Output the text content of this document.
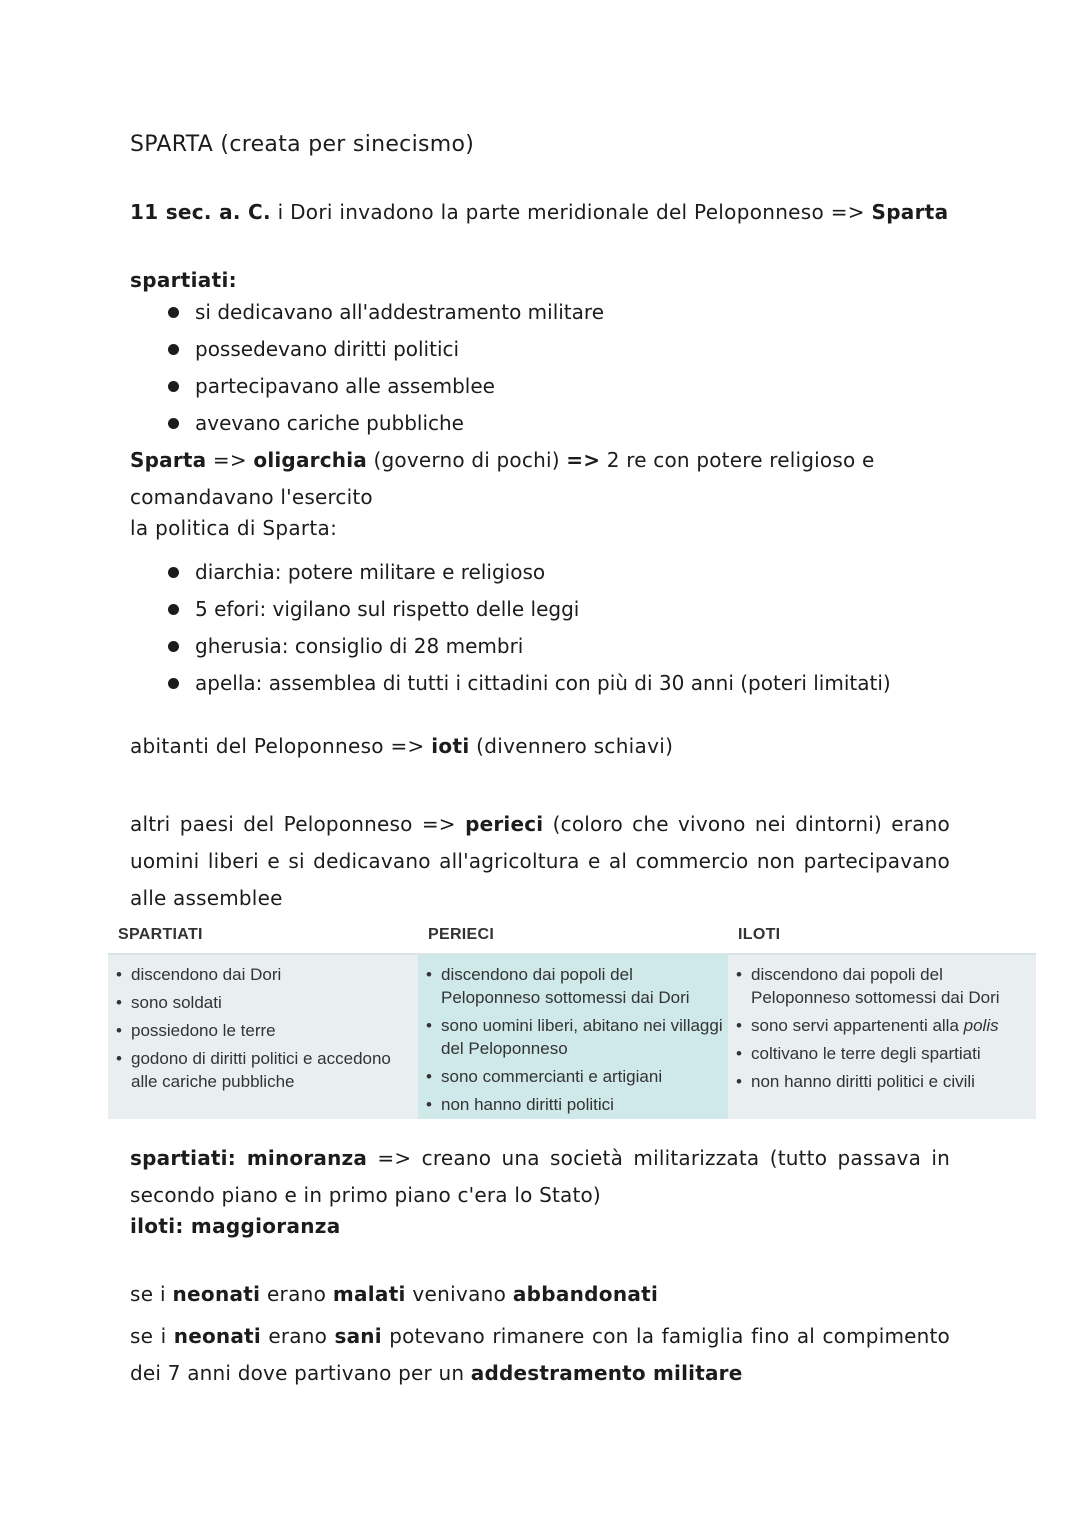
SPARTA (creata per sinecismo)
11 sec. a. C. i Dori invadono la parte meridionale del Peloponneso => Sparta
spartiati:
si dedicavano all'addestramento militare
possedevano diritti politici
partecipavano alle assemblee
avevano cariche pubbliche
Sparta => oligarchia (governo di pochi) => 2 re con potere religioso e
comandavano l'esercito
la politica di Sparta:
diarchia: potere militare e religioso
5 efori: vigilano sul rispetto delle leggi
gherusia: consiglio di 28 membri
apella: assemblea di tutti i cittadini con più di 30 anni (poteri limitati)
abitanti del Peloponneso => ioti (divennero schiavi)
altri paesi del Peloponneso => perieci (coloro che vivono nei dintorni) erano uomini liberi e si dedicavano all'agricoltura e al commercio non partecipavano alle assemblee
SPARTIATI	PERIECI	ILOTI
• discendono dai Dori
• sono soldati
• possiedono le terre
• godono di diritti politici e accedono alle cariche pubbliche
• discendono dai popoli del Peloponneso sottomessi dai Dori
• sono uomini liberi, abitano nei villaggi del Peloponneso
• sono commercianti e artigiani
• non hanno diritti politici
• discendono dai popoli del Peloponneso sottomessi dai Dori
• sono servi appartenenti alla polis
• coltivano le terre degli spartiati
• non hanno diritti politici e civili
spartiati: minoranza => creano una società militarizzata (tutto passava in secondo piano e in primo piano c'era lo Stato)
iloti: maggioranza
se i neonati erano malati venivano abbandonati
se i neonati erano sani potevano rimanere con la famiglia fino al compimento dei 7 anni dove partivano per un addestramento militare
